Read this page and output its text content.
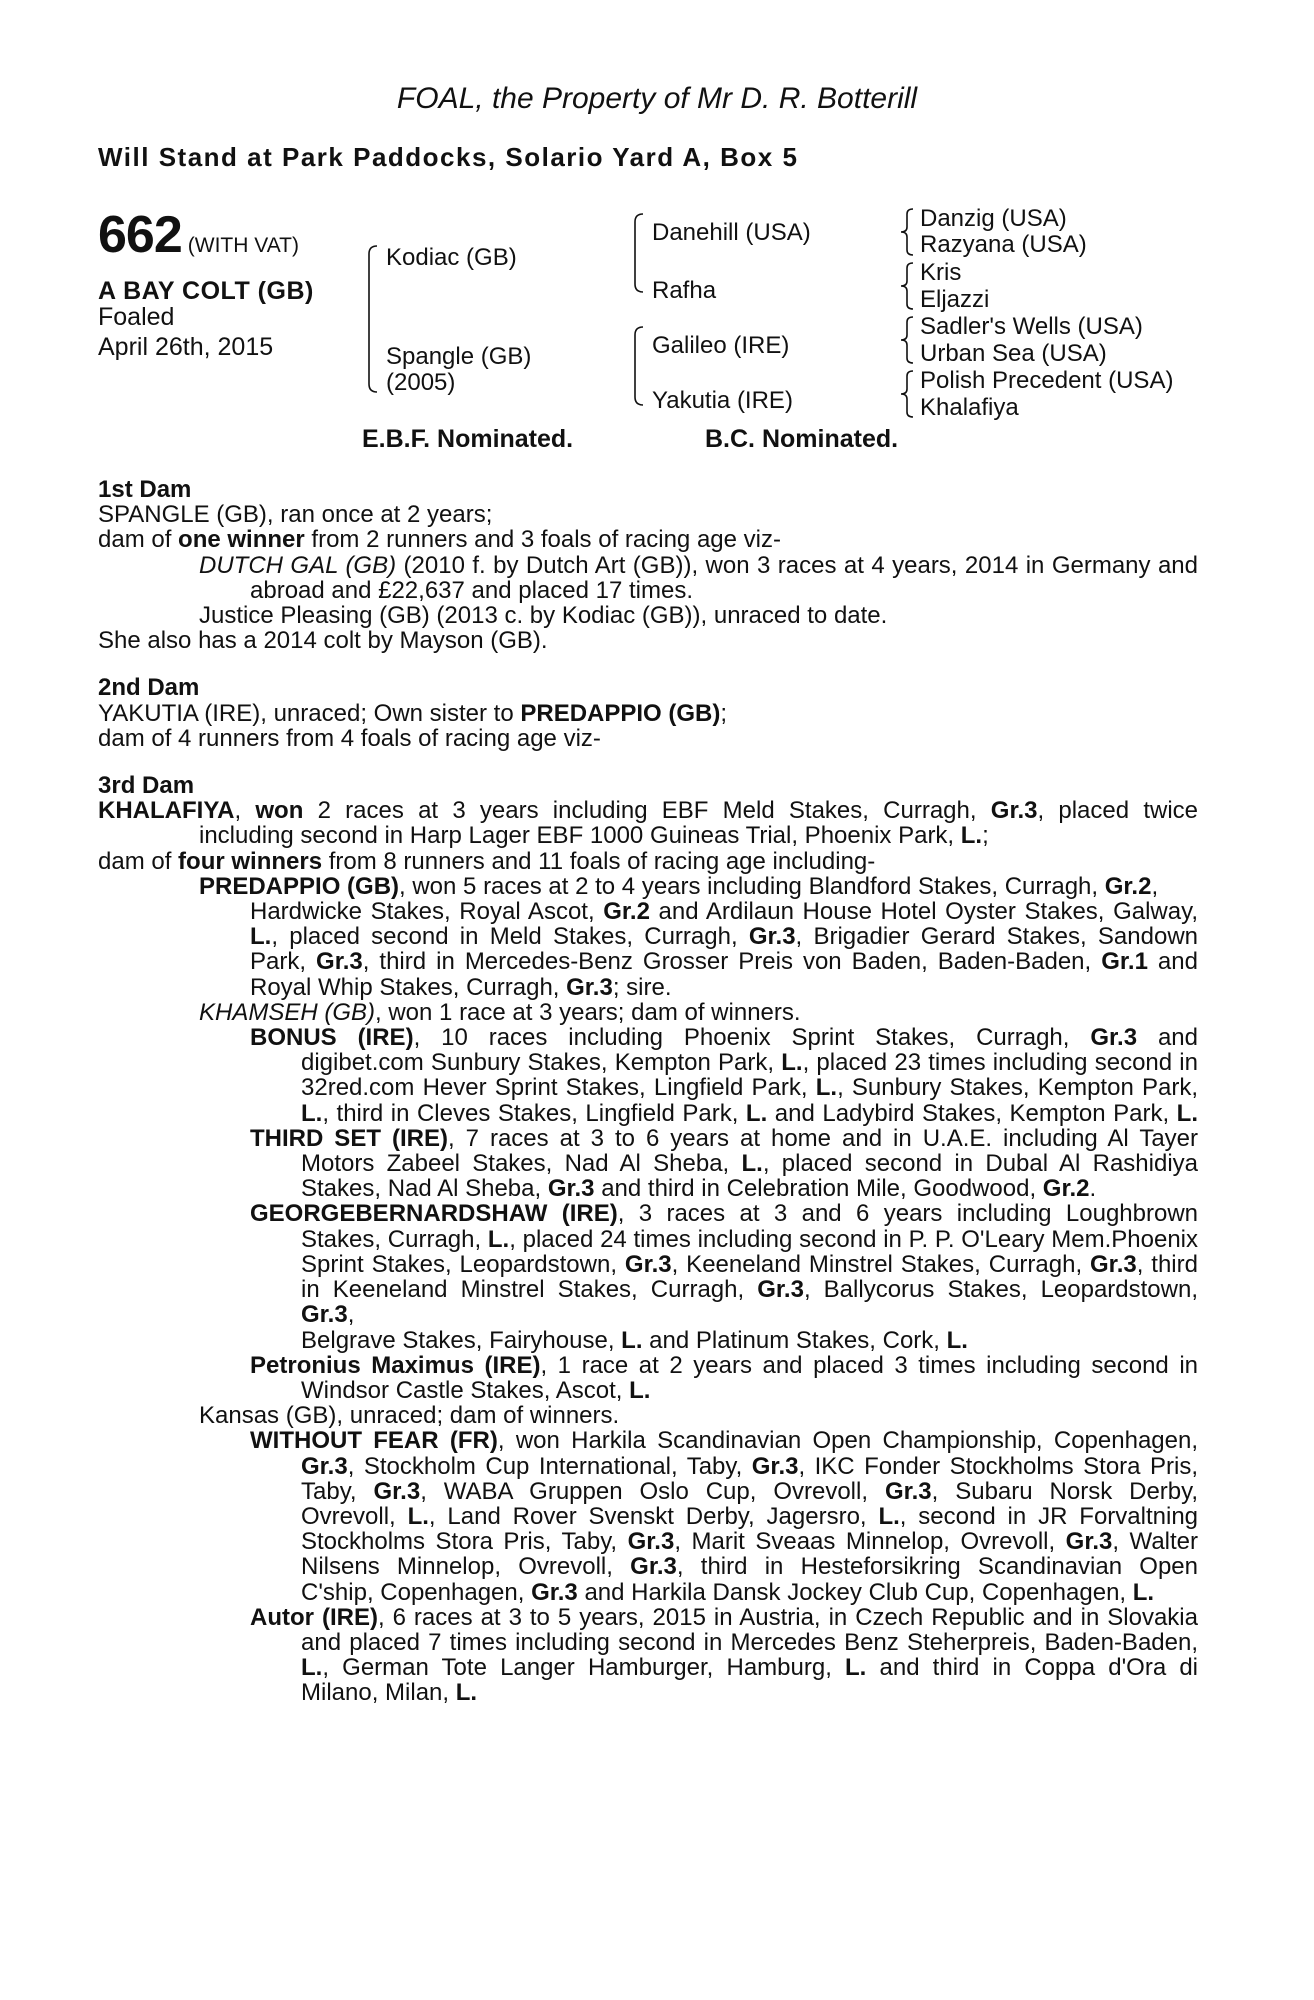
FOAL, the Property of Mr D. R. Botterill
Will Stand at Park Paddocks, Solario Yard A, Box 5
662 (WITH VAT)
A BAY COLT (GB)
Foaled
April 26th, 2015
Kodiac (GB)
Spangle (GB)
(2005)
Danehill (USA)
Rafha
Galileo (IRE)
Yakutia (IRE)
Danzig (USA)
Razyana (USA)
Kris
Eljazzi
Sadler's Wells (USA)
Urban Sea (USA)
Polish Precedent (USA)
Khalafiya
E.B.F. Nominated.	B.C. Nominated.
1st Dam
SPANGLE (GB), ran once at 2 years;
dam of one winner from 2 runners and 3 foals of racing age viz-
DUTCH GAL (GB) (2010 f. by Dutch Art (GB)), won 3 races at 4 years, 2014 in Germany and
abroad and £22,637 and placed 17 times.
Justice Pleasing (GB) (2013 c. by Kodiac (GB)), unraced to date.
She also has a 2014 colt by Mayson (GB).
2nd Dam
YAKUTIA (IRE), unraced; Own sister to PREDAPPIO (GB);
dam of 4 runners from 4 foals of racing age viz-
3rd Dam
KHALAFIYA, won 2 races at 3 years including EBF Meld Stakes, Curragh, Gr.3, placed twice
including second in Harp Lager EBF 1000 Guineas Trial, Phoenix Park, L.;
dam of four winners from 8 runners and 11 foals of racing age including-
PREDAPPIO (GB), won 5 races at 2 to 4 years including Blandford Stakes, Curragh, Gr.2,
Hardwicke Stakes, Royal Ascot, Gr.2 and Ardilaun House Hotel Oyster Stakes, Galway,
L., placed second in Meld Stakes, Curragh, Gr.3, Brigadier Gerard Stakes, Sandown
Park, Gr.3, third in Mercedes-Benz Grosser Preis von Baden, Baden-Baden, Gr.1 and
Royal Whip Stakes, Curragh, Gr.3; sire.
KHAMSEH (GB), won 1 race at 3 years; dam of winners.
BONUS (IRE), 10 races including Phoenix Sprint Stakes, Curragh, Gr.3 and
digibet.com Sunbury Stakes, Kempton Park, L., placed 23 times including second in
32red.com Hever Sprint Stakes, Lingfield Park, L., Sunbury Stakes, Kempton Park,
L., third in Cleves Stakes, Lingfield Park, L. and Ladybird Stakes, Kempton Park, L.
THIRD SET (IRE), 7 races at 3 to 6 years at home and in U.A.E. including Al Tayer
Motors Zabeel Stakes, Nad Al Sheba, L., placed second in Dubal Al Rashidiya
Stakes, Nad Al Sheba, Gr.3 and third in Celebration Mile, Goodwood, Gr.2.
GEORGEBERNARDSHAW (IRE), 3 races at 3 and 6 years including Loughbrown
Stakes, Curragh, L., placed 24 times including second in P. P. O'Leary Mem.Phoenix
Sprint Stakes, Leopardstown, Gr.3, Keeneland Minstrel Stakes, Curragh, Gr.3, third
in Keeneland Minstrel Stakes, Curragh, Gr.3, Ballycorus Stakes, Leopardstown, Gr.3,
Belgrave Stakes, Fairyhouse, L. and Platinum Stakes, Cork, L.
Petronius Maximus (IRE), 1 race at 2 years and placed 3 times including second in
Windsor Castle Stakes, Ascot, L.
Kansas (GB), unraced; dam of winners.
WITHOUT FEAR (FR), won Harkila Scandinavian Open Championship, Copenhagen,
Gr.3, Stockholm Cup International, Taby, Gr.3, IKC Fonder Stockholms Stora Pris,
Taby, Gr.3, WABA Gruppen Oslo Cup, Ovrevoll, Gr.3, Subaru Norsk Derby,
Ovrevoll, L., Land Rover Svenskt Derby, Jagersro, L., second in JR Forvaltning
Stockholms Stora Pris, Taby, Gr.3, Marit Sveaas Minnelop, Ovrevoll, Gr.3, Walter
Nilsens Minnelop, Ovrevoll, Gr.3, third in Hesteforsikring Scandinavian Open
C'ship, Copenhagen, Gr.3 and Harkila Dansk Jockey Club Cup, Copenhagen, L.
Autor (IRE), 6 races at 3 to 5 years, 2015 in Austria, in Czech Republic and in Slovakia
and placed 7 times including second in Mercedes Benz Steherpreis, Baden-Baden,
L., German Tote Langer Hamburger, Hamburg, L. and third in Coppa d'Ora di
Milano, Milan, L.
